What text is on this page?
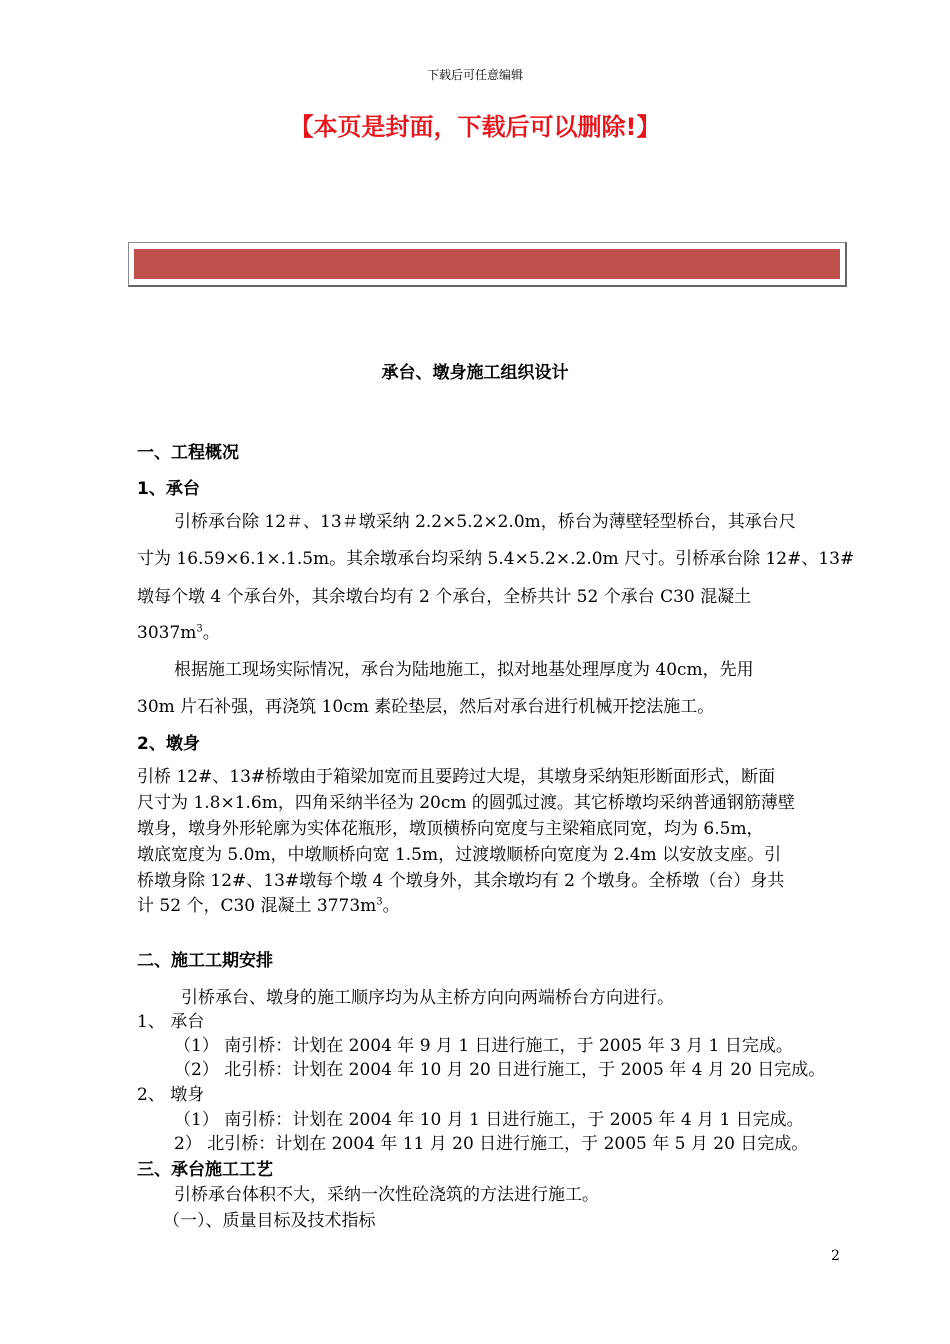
下载后可任意编辑
【本页是封面，下载后可以删除!】
承台、墩身施工组织设计
一、工程概况
1、承台
引桥承台除 12＃、13＃墩采纳 2.2×5.2×2.0m，桥台为薄壁轻型桥台，其承台尺
寸为 16.59×6.1×.1.5m。其余墩承台均采纳 5.4×5.2×.2.0m 尺寸。引桥承台除 12#、13#
墩每个墩 4 个承台外，其余墩台均有 2 个承台，全桥共计 52 个承台 C30 混凝土
$3037m^3$。
根据施工现场实际情况，承台为陆地施工，拟对地基处理厚度为 40cm，先用
30m 片石补强，再浇筑 10cm 素砼垫层，然后对承台进行机械开挖法施工。
2、墩身
引桥 12#、13#桥墩由于箱梁加宽而且要跨过大堤，其墩身采纳矩形断面形式，断面
尺寸为 1.8×1.6m，四角采纳半径为 20cm 的圆弧过渡。其它桥墩均采纳普通钢筋薄壁
墩身，墩身外形轮廓为实体花瓶形，墩顶横桥向宽度与主梁箱底同宽，均为 6.5m，
墩底宽度为 5.0m，中墩顺桥向宽 1.5m，过渡墩顺桥向宽度为 2.4m 以安放支座。引
桥墩身除 12#、13#墩每个墩 4 个墩身外，其余墩均有 2 个墩身。全桥墩（台）身共
计 52 个，C30 混凝土 $3773m^3$。
二、施工工期安排
引桥承台、墩身的施工顺序均为从主桥方向向两端桥台方向进行。
1、 承台
（1） 南引桥：计划在 2004 年 9 月 1 日进行施工，于 2005 年 3 月 1 日完成。
（2） 北引桥：计划在 2004 年 10 月 20 日进行施工，于 2005 年 4 月 20 日完成。
2、 墩身
（1） 南引桥：计划在 2004 年 10 月 1 日进行施工，于 2005 年 4 月 1 日完成。
2） 北引桥：计划在 2004 年 11 月 20 日进行施工，于 2005 年 5 月 20 日完成。
三、承台施工工艺
引桥承台体积不大，采纳一次性砼浇筑的方法进行施工。
（一）、质量目标及技术指标
2
